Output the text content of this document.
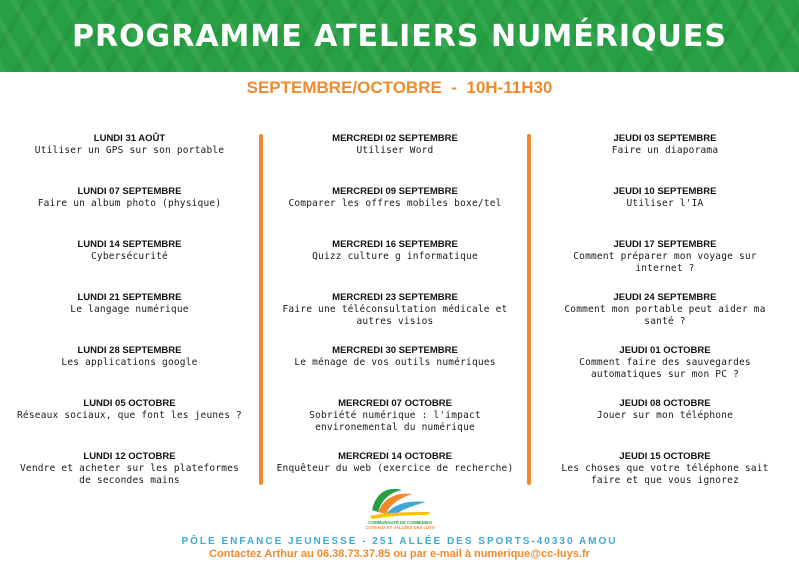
PROGRAMME ATELIERS NUMÉRIQUES
SEPTEMBRE/OCTOBRE  -  10H-11H30
LUNDI 31 AOÛT
Utiliser un GPS sur son portable
LUNDI 07 SEPTEMBRE
Faire un album photo (physique)
LUNDI 14 SEPTEMBRE
Cybersécurité
LUNDI 21 SEPTEMBRE
Le langage numérique
LUNDI 28 SEPTEMBRE
Les applications google
LUNDI 05 OCTOBRE
Réseaux sociaux, que font les jeunes ?
LUNDI 12 OCTOBRE
Vendre et acheter sur les plateformes
de secondes mains
MERCREDI 02 SEPTEMBRE
Utiliser Word
MERCREDI 09 SEPTEMBRE
Comparer les offres mobiles boxe/tel
MERCREDI 16 SEPTEMBRE
Quizz culture g informatique
MERCREDI 23 SEPTEMBRE
Faire une téléconsultation médicale et
autres visios
MERCREDI 30 SEPTEMBRE
Le ménage de vos outils numériques
MERCREDI 07 OCTOBRE
Sobriété numérique : l'impact
environemental du numérique
MERCREDI 14 OCTOBRE
Enquêteur du web (exercice de recherche)
JEUDI 03 SEPTEMBRE
Faire un diaporama
JEUDI 10 SEPTEMBRE
Utiliser l'IA
JEUDI 17 SEPTEMBRE
Comment préparer mon voyage sur
internet ?
JEUDI 24 SEPTEMBRE
Comment mon portable peut aider ma
santé ?
JEUDI 01 OCTOBRE
Comment faire des sauvegardes
automatiques sur mon PC ?
JEUDI 08 OCTOBRE
Jouer sur mon téléphone
JEUDI 15 OCTOBRE
Les choses que votre téléphone sait
faire et que vous ignorez
COMMUNAUTÉ DE COMMUNES
COTEAUX ET VALLÉES DES LUYS
PÔLE ENFANCE JEUNESSE - 251 ALLÉE DES SPORTS-40330 AMOU
Contactez Arthur au 06.38.73.37.85 ou par e-mail à numerique@cc-luys.fr
